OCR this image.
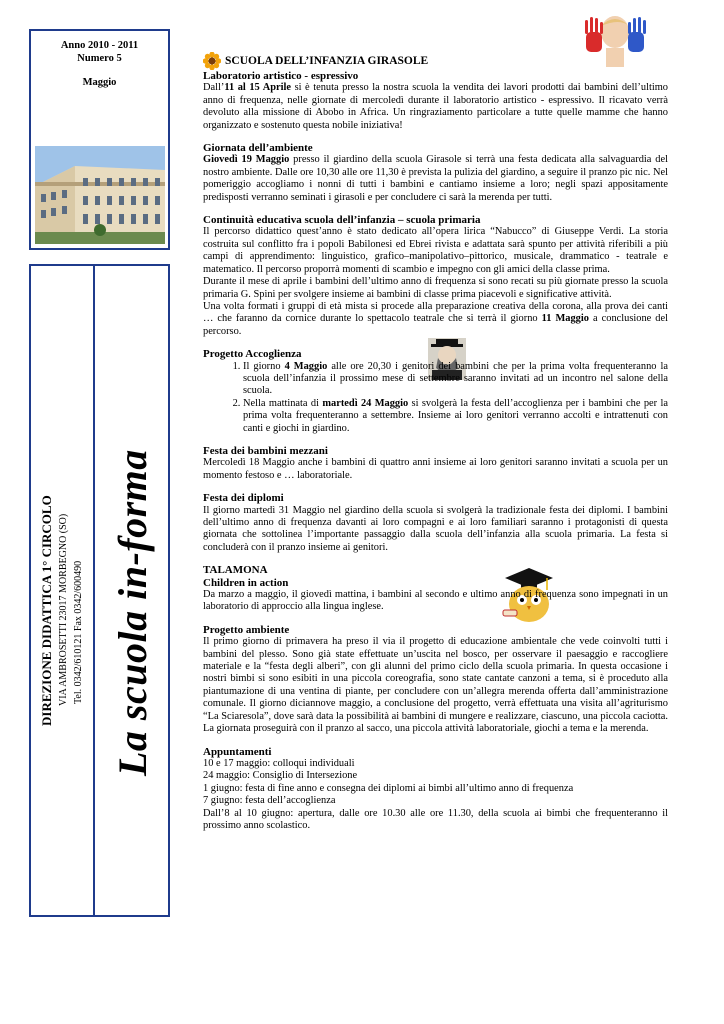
Anno 2010 - 2011
Numero 5
Maggio
DIREZIONE DIDATTICA 1° CIRCOLO VIA AMBROSETTI 23017 MORBEGNO (SO) Tel. 0342/610121 Fax 0342/600490 La scuola in-forma
SCUOLA DELL’INFANZIA GIRASOLE
Laboratorio artistico - espressivo

Dall’11 al 15 Aprile si è tenuta presso la nostra scuola la vendita dei lavori prodotti dai bambini dell’ultimo anno di frequenza, nelle giornate di mercoledì durante il laboratorio artistico - espressivo. Il ricavato verrà devoluto alla missione di Abobo in Africa. Un ringraziamento particolare a tutte quelle mamme che hanno organizzato e sostenuto questa nobile iniziativa!

Giornata dell’ambiente

Giovedì 19 Maggio presso il giardino della scuola Girasole si terrà una festa dedicata alla salvaguardia del nostro ambiente. Dalle ore 10,30 alle ore 11,30 è prevista la pulizia del giardino, a seguire il pranzo pic nic. Nel pomeriggio accogliamo i nonni di tutti i bambini e cantiamo insieme a loro; negli spazi appositamente predisposti verranno seminati i girasoli e per concludere ci sarà la merenda per tutti.

Continuità educativa scuola dell’infanzia – scuola primaria

Il percorso didattico quest’anno è stato dedicato all’opera lirica “Nabucco” di Giuseppe Verdi. La storia costruita sul conflitto fra i popoli Babilonesi ed Ebrei rivista e adattata sarà spunto per attività riferibili a più campi di apprendimento: linguistico, grafico–manipolativo–pittorico, musicale, drammatico - teatrale e matematico. Il percorso proporrà momenti di scambio e impegno con gli amici della classe prima.

Durante il mese di aprile i bambini dell’ultimo anno di frequenza si sono recati su più giornate presso la scuola primaria G. Spini per svolgere insieme ai bambini di classe prima piacevoli e significative attività.

Una volta formati i gruppi di età mista si procede alla preparazione creativa della corona, alla prova dei canti … che faranno da cornice durante lo spettacolo teatrale che si terrà il giorno 11 Maggio a conclusione del percorso.

Progetto Accoglienza
1. Il giorno 4 Maggio alle ore 20,30 i genitori dei bambini che per la prima volta frequenteranno la scuola dell’infanzia il prossimo mese di settembre saranno invitati ad un incontro nel salone della scuola.
2. Nella mattinata di martedì 24 Maggio si svolgerà la festa dell’accoglienza per i bambini che per la prima volta frequenteranno a settembre. Insieme ai loro genitori verranno accolti e intrattenuti con canti e giochi in giardino.
Festa dei bambini mezzani

Mercoledì 18 Maggio anche i bambini di quattro anni insieme ai loro genitori saranno invitati a scuola per un momento festoso e … laboratoriale.

Festa dei diplomi

Il giorno martedì 31 Maggio nel giardino della scuola si svolgerà la tradizionale festa dei diplomi. I bambini dell’ultimo anno di frequenza davanti ai loro compagni e ai loro familiari saranno i protagonisti di questa giornata che sottolinea l’importante passaggio dalla scuola dell’infanzia alla scuola primaria. La festa si concluderà con il pranzo insieme ai genitori.

TALAMONA
Children in action

Da marzo a maggio, il giovedì mattina, i bambini al secondo e ultimo anno di frequenza sono impegnati in un laboratorio di approccio alla lingua inglese.

Progetto ambiente

Il primo giorno di primavera ha preso il via il progetto di educazione ambientale che vede coinvolti tutti i bambini del plesso. Sono già state effettuate un’uscita nel bosco, per osservare il paesaggio e raccogliere materiale e la “festa degli alberi”, con gli alunni del primo ciclo della scuola primaria. In questa occasione i nostri bimbi si sono esibiti in una piccola coreografia, sono state cantate canzoni a tema, si è proceduto alla piantumazione di una ventina di piante, per concludere con un’allegra merenda offerta dall’amministrazione comunale. Il giorno diciannove maggio, a conclusione del progetto, verrà effettuata una visita all’agriturismo “La Sciaresola”, dove sarà data la possibilità ai bambini di mungere e realizzare, ciascuno, una piccola caciotta. La giornata proseguirà con il pranzo al sacco, una piccola attività laboratoriale, giochi a tema e la merenda.

Appuntamenti
10 e 17 maggio: colloqui individuali
24 maggio: Consiglio di Intersezione
1 giugno: festa di fine anno e consegna dei diplomi ai bimbi all’ultimo anno di frequenza
7 giugno: festa dell’accoglienza

Dall’8 al 10 giugno: apertura, dalle ore 10.30 alle ore 11.30, della scuola ai bimbi che frequenteranno il prossimo anno scolastico.
